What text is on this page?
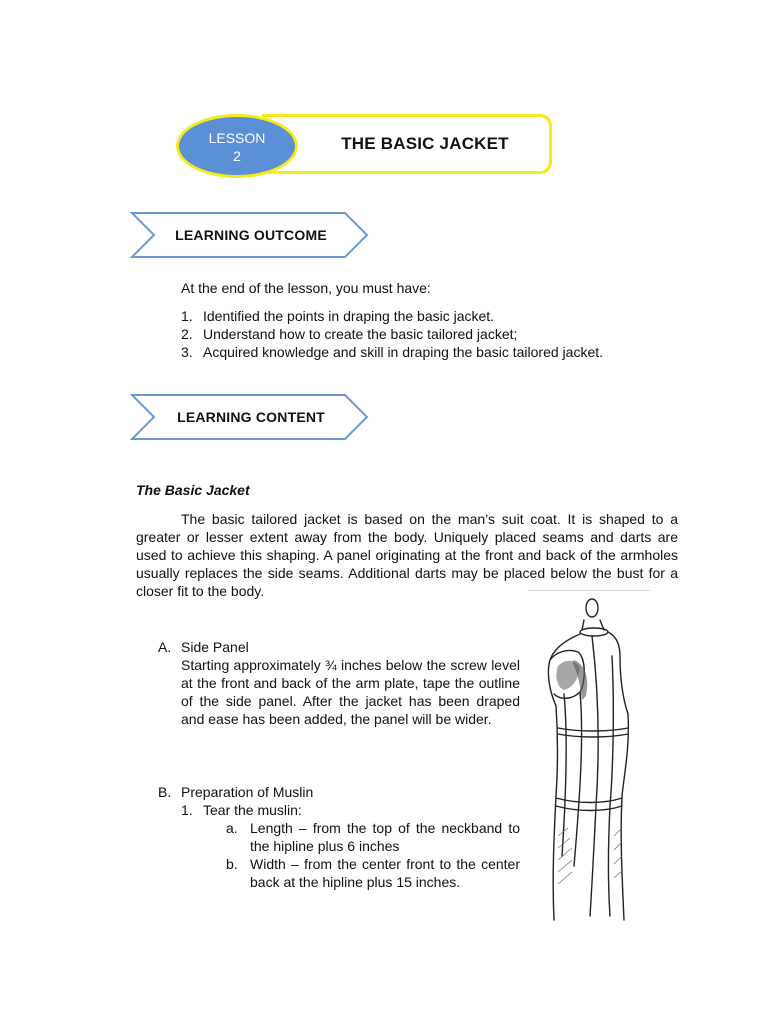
THE BASIC JACKET
LESSON
2
LEARNING OUTCOME
At the end of the lesson, you must have:
1. Identified the points in draping the basic jacket.
2. Understand how to create the basic tailored jacket;
3. Acquired knowledge and skill in draping the basic tailored jacket.
LEARNING CONTENT
The Basic Jacket
The basic tailored jacket is based on the man’s suit coat. It is shaped to a greater or lesser extent away from the body. Uniquely placed seams and darts are used to achieve this shaping. A panel originating at the front and back of the armholes usually replaces the side seams. Additional darts may be placed below the bust for a closer fit to the body.
A. Side Panel
Starting approximately ¾ inches below the screw level at the front and back of the arm plate, tape the outline of the side panel. After the jacket has been draped and ease has been added, the panel will be wider.
B. Preparation of Muslin
1. Tear the muslin:
a. Length – from the top of the neckband to the hipline plus 6 inches
b. Width – from the center front to the center back at the hipline plus 15 inches.
